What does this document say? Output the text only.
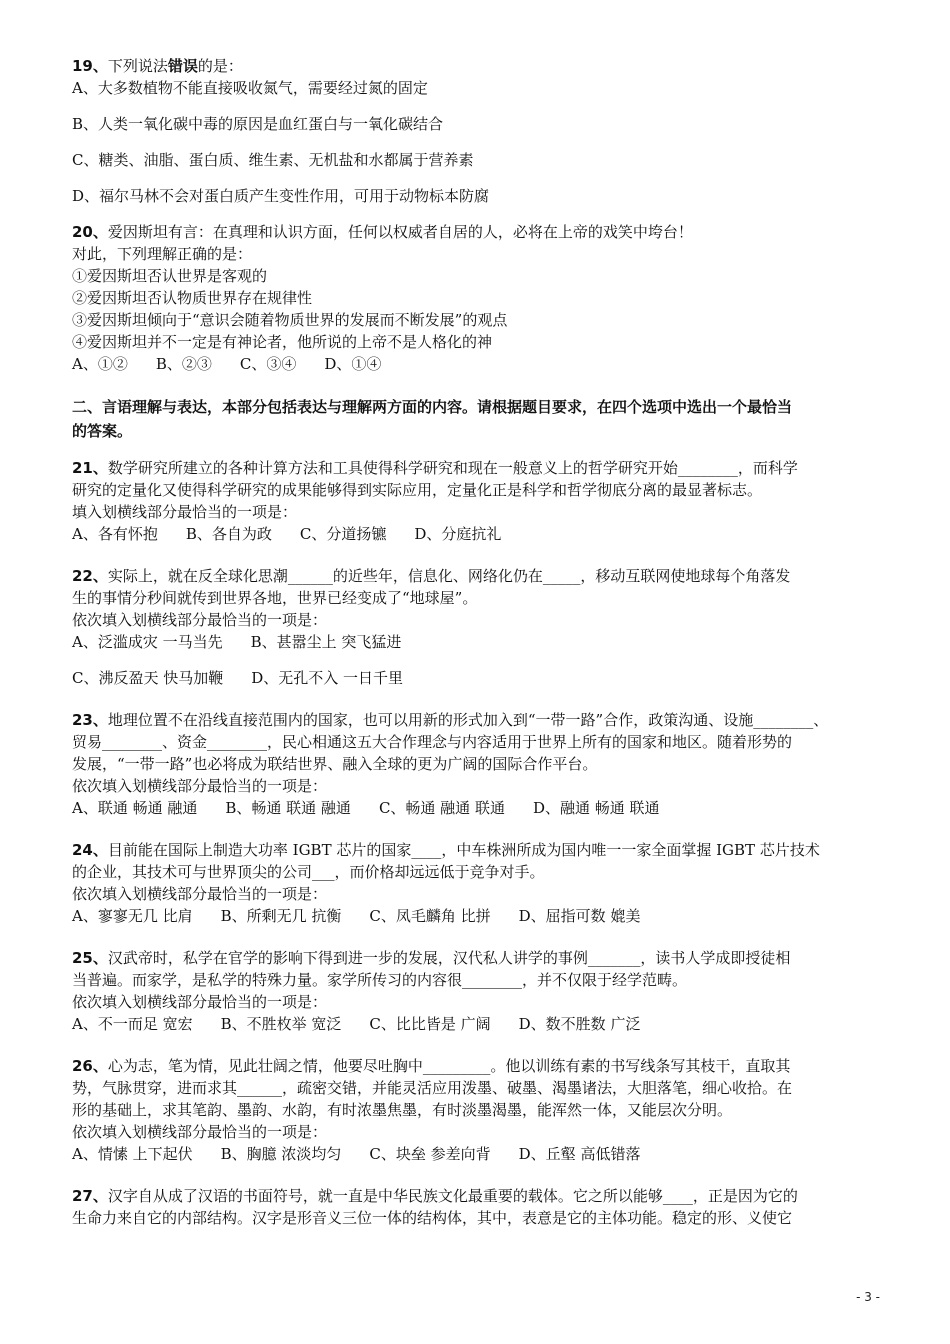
19、下列说法错误的是：
A、大多数植物不能直接吸收氮气，需要经过氮的固定
B、人类一氧化碳中毒的原因是血红蛋白与一氧化碳结合
C、糖类、油脂、蛋白质、维生素、无机盐和水都属于营养素
D、福尔马林不会对蛋白质产生变性作用，可用于动物标本防腐
20、爱因斯坦有言：在真理和认识方面，任何以权威者自居的人，必将在上帝的戏笑中垮台！
对此，下列理解正确的是：
①爱因斯坦否认世界是客观的
②爱因斯坦否认物质世界存在规律性
③爱因斯坦倾向于“意识会随着物质世界的发展而不断发展”的观点
④爱因斯坦并不一定是有神论者，他所说的上帝不是人格化的神
A、①② B、②③ C、③④ D、①④
二、言语理解与表达，本部分包括表达与理解两方面的内容。请根据题目要求，在四个选项中选出一个最恰当
的答案。
21、数学研究所建立的各种计算方法和工具使得科学研究和现在一般意义上的哲学研究开始________，而科学
研究的定量化又使得科学研究的成果能够得到实际应用，定量化正是科学和哲学彻底分离的最显著标志。
填入划横线部分最恰当的一项是：
A、各有怀抱 B、各自为政 C、分道扬镳 D、分庭抗礼
22、实际上，就在反全球化思潮______的近些年，信息化、网络化仍在_____，移动互联网使地球每个角落发
生的事情分秒间就传到世界各地，世界已经变成了“地球屋”。
依次填入划横线部分最恰当的一项是：
A、泛滥成灾 一马当先 B、甚嚣尘上 突飞猛进
C、沸反盈天 快马加鞭 D、无孔不入 一日千里
23、地理位置不在沿线直接范围内的国家，也可以用新的形式加入到“一带一路”合作，政策沟通、设施________、
贸易________、资金________，民心相通这五大合作理念与内容适用于世界上所有的国家和地区。随着形势的
发展，“一带一路”也必将成为联结世界、融入全球的更为广阔的国际合作平台。
依次填入划横线部分最恰当的一项是：
A、联通 畅通 融通 B、畅通 联通 融通 C、畅通 融通 联通 D、融通 畅通 联通
24、目前能在国际上制造大功率 IGBT 芯片的国家____，中车株洲所成为国内唯一一家全面掌握 IGBT 芯片技术
的企业，其技术可与世界顶尖的公司___，而价格却远远低于竞争对手。
依次填入划横线部分最恰当的一项是：
A、寥寥无几 比肩 B、所剩无几 抗衡 C、凤毛麟角 比拼 D、屈指可数 媲美
25、汉武帝时，私学在官学的影响下得到进一步的发展，汉代私人讲学的事例_______，读书人学成即授徒相
当普遍。而家学，是私学的特殊力量。家学所传习的内容很________，并不仅限于经学范畴。
依次填入划横线部分最恰当的一项是：
A、不一而足 宽宏 B、不胜枚举 宽泛 C、比比皆是 广阔 D、数不胜数 广泛
26、心为志，笔为情，见此壮阔之情，他要尽吐胸中_________。他以训练有素的书写线条写其枝干，直取其
势，气脉贯穿，进而求其______，疏密交错，并能灵活应用泼墨、破墨、渴墨诸法，大胆落笔，细心收拾。在
形的基础上，求其笔韵、墨韵、水韵，有时浓墨焦墨，有时淡墨渴墨，能浑然一体，又能层次分明。
依次填入划横线部分最恰当的一项是：
A、情愫 上下起伏 B、胸臆 浓淡均匀 C、块垒 参差向背 D、丘壑 高低错落
27、汉字自从成了汉语的书面符号，就一直是中华民族文化最重要的载体。它之所以能够____，正是因为它的
生命力来自它的内部结构。汉字是形音义三位一体的结构体，其中，表意是它的主体功能。稳定的形、义使它
- 3 -
